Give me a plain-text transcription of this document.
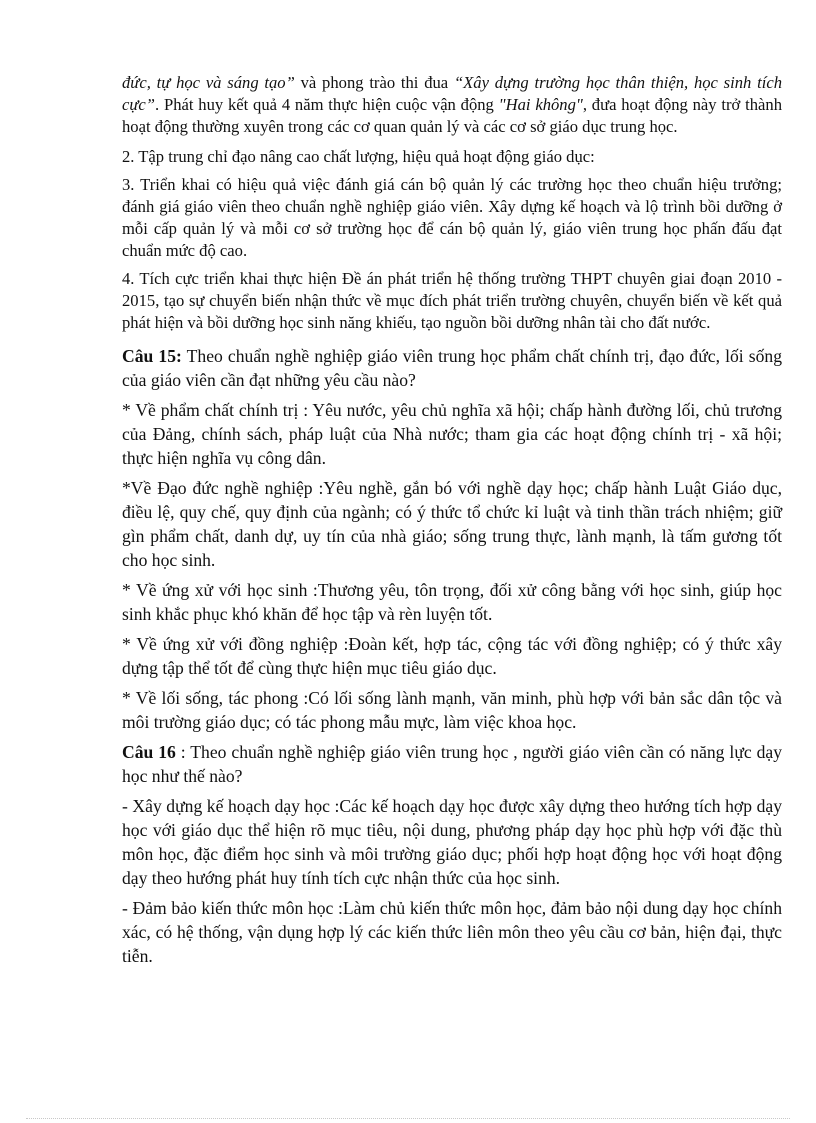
đức, tự học và sáng tạo” và phong trào thi đua “Xây dựng trường học thân thiện, học sinh tích cực”. Phát huy kết quả 4 năm thực hiện cuộc vận động "Hai không", đưa hoạt động này trở thành hoạt động thường xuyên trong các cơ quan quản lý và các cơ sở giáo dục trung học.

2. Tập trung chỉ đạo nâng cao chất lượng, hiệu quả hoạt động giáo dục:

3. Triển khai có hiệu quả việc đánh giá cán bộ quản lý các trường học theo chuẩn hiệu trưởng; đánh giá giáo viên theo chuẩn nghề nghiệp giáo viên. Xây dựng kế hoạch và lộ trình bồi dưỡng ở mỗi cấp quản lý và mỗi cơ sở trường học để cán bộ quản lý, giáo viên trung học phấn đấu đạt chuẩn mức độ cao.

4. Tích cực triển khai thực hiện Đề án phát triển hệ thống trường THPT chuyên giai đoạn 2010 - 2015, tạo sự chuyển biến nhận thức về mục đích phát triển trường chuyên, chuyển biến về kết quả phát hiện và bồi dưỡng học sinh năng khiếu, tạo nguồn bồi dưỡng nhân tài cho đất nước.

Câu 15: Theo chuẩn nghề nghiệp giáo viên trung học phẩm chất chính trị, đạo đức, lối sống của giáo viên cần đạt những yêu cầu nào?

* Về phẩm chất chính trị : Yêu nước, yêu chủ nghĩa xã hội; chấp hành đường lối, chủ trương của Đảng, chính sách, pháp luật của Nhà nước; tham gia các hoạt động chính trị - xã hội; thực hiện nghĩa vụ công dân.

*Về Đạo đức nghề nghiệp :Yêu nghề, gắn bó với nghề dạy học; chấp hành Luật Giáo dục, điều lệ, quy chế, quy định của ngành; có ý thức tổ chức kỉ luật và tinh thần trách nhiệm; giữ gìn phẩm chất, danh dự, uy tín của nhà giáo; sống trung thực, lành mạnh, là tấm gương tốt cho học sinh.

* Về ứng xử với học sinh :Thương yêu, tôn trọng, đối xử công bằng với học sinh, giúp học sinh khắc phục khó khăn để học tập và rèn luyện tốt.

* Về ứng xử với đồng nghiệp :Đoàn kết, hợp tác, cộng tác với đồng nghiệp; có ý thức xây dựng tập thể tốt để cùng thực hiện mục tiêu giáo dục.

* Về lối sống, tác phong :Có lối sống lành mạnh, văn minh, phù hợp với bản sắc dân tộc và môi trường giáo dục; có tác phong mẫu mực, làm việc khoa học.

Câu 16 : Theo chuẩn nghề nghiệp giáo viên trung học , người giáo viên cần có năng lực dạy học như thế nào?

- Xây dựng kế hoạch dạy học :Các kế hoạch dạy học được xây dựng theo hướng tích hợp dạy học với giáo dục thể hiện rõ mục tiêu, nội dung, phương pháp dạy học phù hợp với đặc thù môn học, đặc điểm học sinh và môi trường giáo dục; phối hợp hoạt động học với hoạt động dạy theo hướng phát huy tính tích cực nhận thức của học sinh.

- Đảm bảo kiến thức môn học :Làm chủ kiến thức môn học, đảm bảo nội dung dạy học chính xác, có hệ thống, vận dụng hợp lý các kiến thức liên môn theo yêu cầu cơ bản, hiện đại, thực tiễn.
